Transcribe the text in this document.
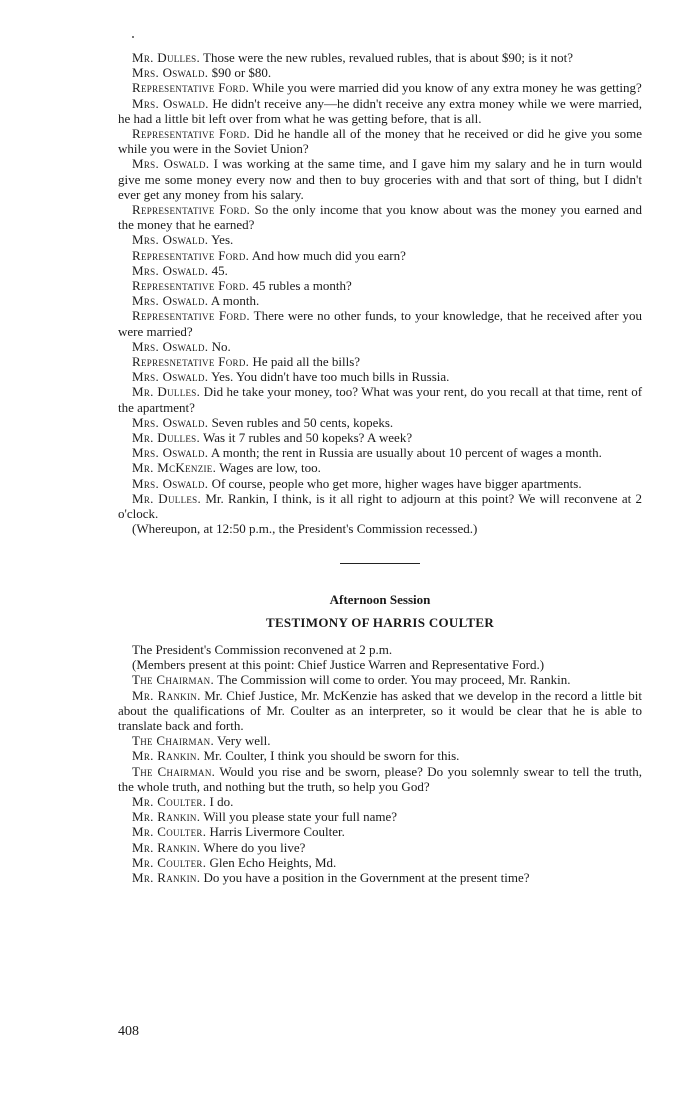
Mr. Dulles. Those were the new rubles, revalued rubles, that is about $90; is it not?

Mrs. Oswald. $90 or $80.

Representative Ford. While you were married did you know of any extra money he was getting?

Mrs. Oswald. He didn't receive any—he didn't receive any extra money while we were married, he had a little bit left over from what he was getting before, that is all.

Representative Ford. Did he handle all of the money that he received or did he give you some while you were in the Soviet Union?

Mrs. Oswald. I was working at the same time, and I gave him my salary and he in turn would give me some money every now and then to buy groceries with and that sort of thing, but I didn't ever get any money from his salary.

Representative Ford. So the only income that you know about was the money you earned and the money that he earned?

Mrs. Oswald. Yes.

Representative Ford. And how much did you earn?

Mrs. Oswald. 45.

Representative Ford. 45 rubles a month?

Mrs. Oswald. A month.

Representative Ford. There were no other funds, to your knowledge, that he received after you were married?

Mrs. Oswald. No.

Represnetative Ford. He paid all the bills?

Mrs. Oswald. Yes. You didn't have too much bills in Russia.

Mr. Dulles. Did he take your money, too? What was your rent, do you recall at that time, rent of the apartment?

Mrs. Oswald. Seven rubles and 50 cents, kopeks.

Mr. Dulles. Was it 7 rubles and 50 kopeks? A week?

Mrs. Oswald. A month; the rent in Russia are usually about 10 percent of wages a month.

Mr. McKenzie. Wages are low, too.

Mrs. Oswald. Of course, people who get more, higher wages have bigger apartments.

Mr. Dulles. Mr. Rankin, I think, is it all right to adjourn at this point? We will reconvene at 2 o'clock.

(Whereupon, at 12:50 p.m., the President's Commission recessed.)

Afternoon Session

TESTIMONY OF HARRIS COULTER

The President's Commission reconvened at 2 p.m.

(Members present at this point: Chief Justice Warren and Representative Ford.)

The Chairman. The Commission will come to order. You may proceed, Mr. Rankin.

Mr. Rankin. Mr. Chief Justice, Mr. McKenzie has asked that we develop in the record a little bit about the qualifications of Mr. Coulter as an interpreter, so it would be clear that he is able to translate back and forth.

The Chairman. Very well.

Mr. Rankin. Mr. Coulter, I think you should be sworn for this.

The Chairman. Would you rise and be sworn, please? Do you solemnly swear to tell the truth, the whole truth, and nothing but the truth, so help you God?

Mr. Coulter. I do.

Mr. Rankin. Will you please state your full name?

Mr. Coulter. Harris Livermore Coulter.

Mr. Rankin. Where do you live?

Mr. Coulter. Glen Echo Heights, Md.

Mr. Rankin. Do you have a position in the Government at the present time?

408
